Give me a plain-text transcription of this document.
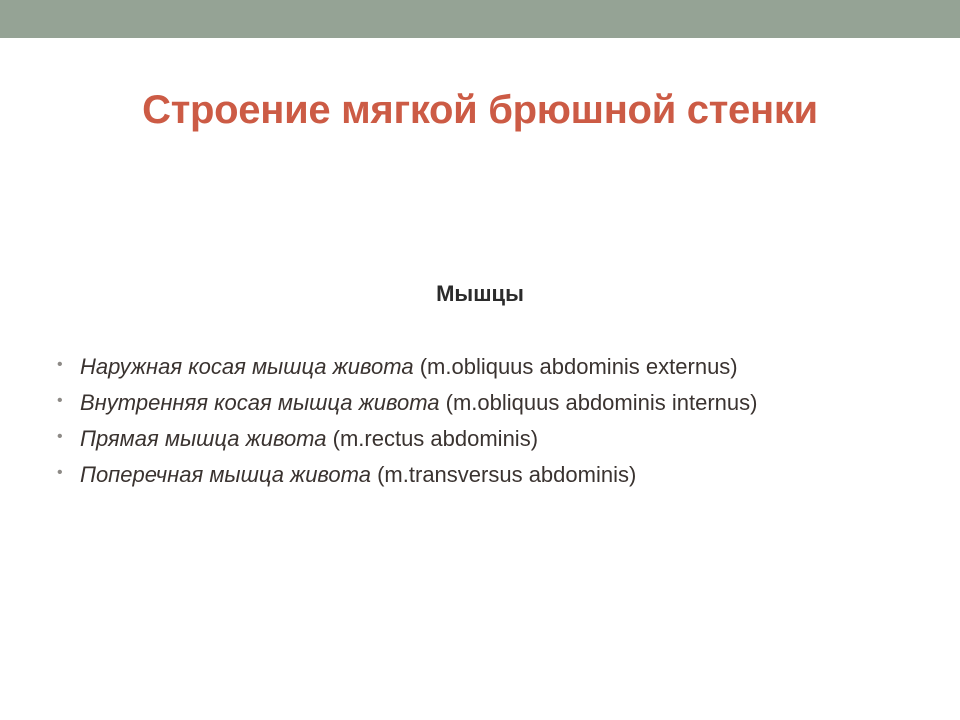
Строение мягкой брюшной стенки
Мышцы
• Наружная косая мышца живота (m.obliquus abdominis externus)
• Внутренняя косая мышца живота (m.obliquus abdominis internus)
• Прямая мышца живота (m.rectus abdominis)
• Поперечная мышца живота (m.transversus abdominis)
